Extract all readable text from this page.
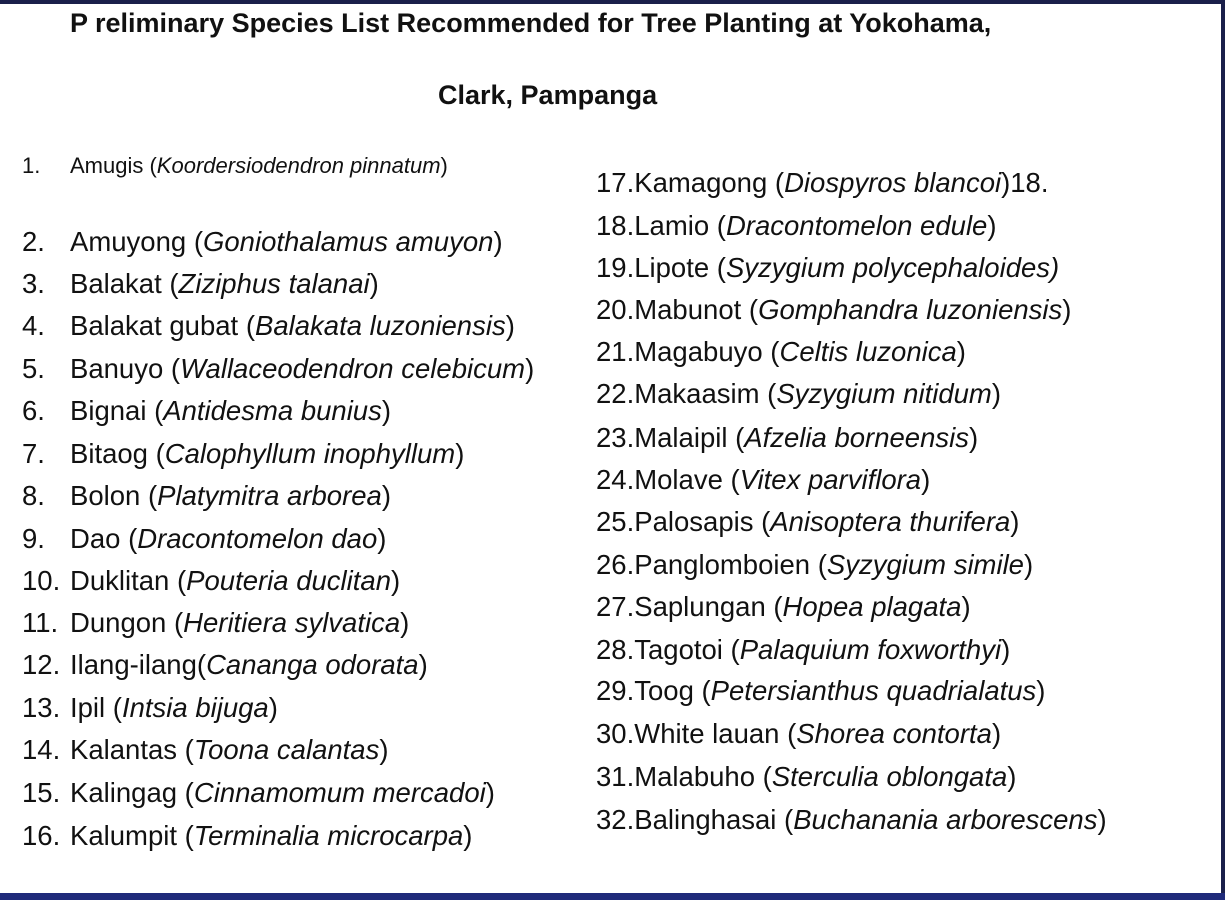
P reliminary Species List Recommended for Tree Planting at Yokohama,
Clark, Pampanga
1. Amugis (Koordersiodendron pinnatum)
2. Amuyong (Goniothalamus amuyon)
3. Balakat (Ziziphus talanai)
4. Balakat gubat (Balakata luzoniensis)
5. Banuyo (Wallaceodendron celebicum)
6. Bignai (Antidesma bunius)
7. Bitaog (Calophyllum inophyllum)
8. Bolon (Platymitra arborea)
9. Dao (Dracontomelon dao)
10. Duklitan (Pouteria duclitan)
11. Dungon (Heritiera sylvatica)
12. Ilang-ilang(Cananga odorata)
13. Ipil (Intsia bijuga)
14. Kalantas (Toona calantas)
15. Kalingag (Cinnamomum mercadoi)
16. Kalumpit (Terminalia microcarpa)
17.Kamagong (Diospyros blancoi)18.
18.Lamio (Dracontomelon edule)
19.Lipote (Syzygium polycephaloides)
20.Mabunot (Gomphandra luzoniensis)
21.Magabuyo (Celtis luzonica)
22.Makaasim (Syzygium nitidum)
23.Malaipil (Afzelia borneensis)
24.Molave (Vitex parviflora)
25.Palosapis (Anisoptera thurifera)
26.Panglomboien (Syzygium simile)
27.Saplungan (Hopea plagata)
28.Tagotoi (Palaquium foxworthyi)
29.Toog (Petersianthus quadrialatus)
30.White lauan (Shorea contorta)
31.Malabuho (Sterculia oblongata)
32.Balinghasai (Buchanania arborescens)
